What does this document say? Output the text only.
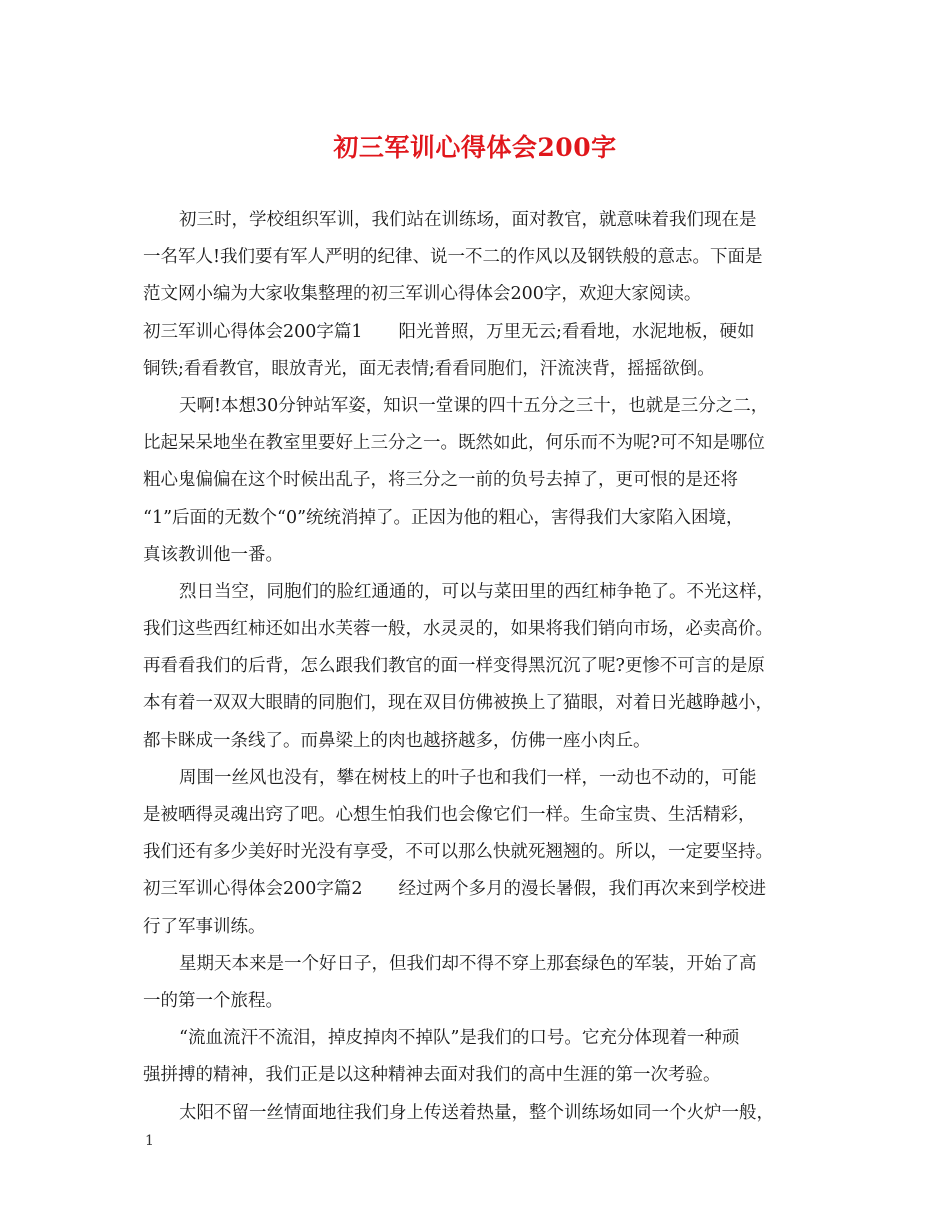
初三军训心得体会200字
初三时，学校组织军训，我们站在训练场，面对教官，就意味着我们现在是
一名军人!我们要有军人严明的纪律、说一不二的作风以及钢铁般的意志。下面是
范文网小编为大家收集整理的初三军训心得体会200字，欢迎大家阅读。
初三军训心得体会200字篇1 阳光普照，万里无云;看看地，水泥地板，硬如
铜铁;看看教官，眼放青光，面无表情;看看同胞们，汗流浃背，摇摇欲倒。
天啊!本想30分钟站军姿，知识一堂课的四十五分之三十，也就是三分之二，
比起呆呆地坐在教室里要好上三分之一。既然如此，何乐而不为呢?可不知是哪位
粗心鬼偏偏在这个时候出乱子，将三分之一前的负号去掉了，更可恨的是还将
“1”后面的无数个“0”统统消掉了。正因为他的粗心，害得我们大家陷入困境，
真该教训他一番。
烈日当空，同胞们的脸红通通的，可以与菜田里的西红柿争艳了。不光这样，
我们这些西红柿还如出水芙蓉一般，水灵灵的，如果将我们销向市场，必卖高价。
再看看我们的后背，怎么跟我们教官的面一样变得黑沉沉了呢?更惨不可言的是原
本有着一双双大眼睛的同胞们，现在双目仿佛被换上了猫眼，对着日光越睁越小，
都卡眯成一条线了。而鼻梁上的肉也越挤越多，仿佛一座小肉丘。
周围一丝风也没有，攀在树枝上的叶子也和我们一样，一动也不动的，可能
是被晒得灵魂出窍了吧。心想生怕我们也会像它们一样。生命宝贵、生活精彩，
我们还有多少美好时光没有享受，不可以那么快就死翘翘的。所以，一定要坚持。
初三军训心得体会200字篇2 经过两个多月的漫长暑假，我们再次来到学校进
行了军事训练。
星期天本来是一个好日子，但我们却不得不穿上那套绿色的军装，开始了高
一的第一个旅程。
“流血流汗不流泪，掉皮掉肉不掉队”是我们的口号。它充分体现着一种顽
强拼搏的精神，我们正是以这种精神去面对我们的高中生涯的第一次考验。
太阳不留一丝情面地往我们身上传送着热量，整个训练场如同一个火炉一般，
1
